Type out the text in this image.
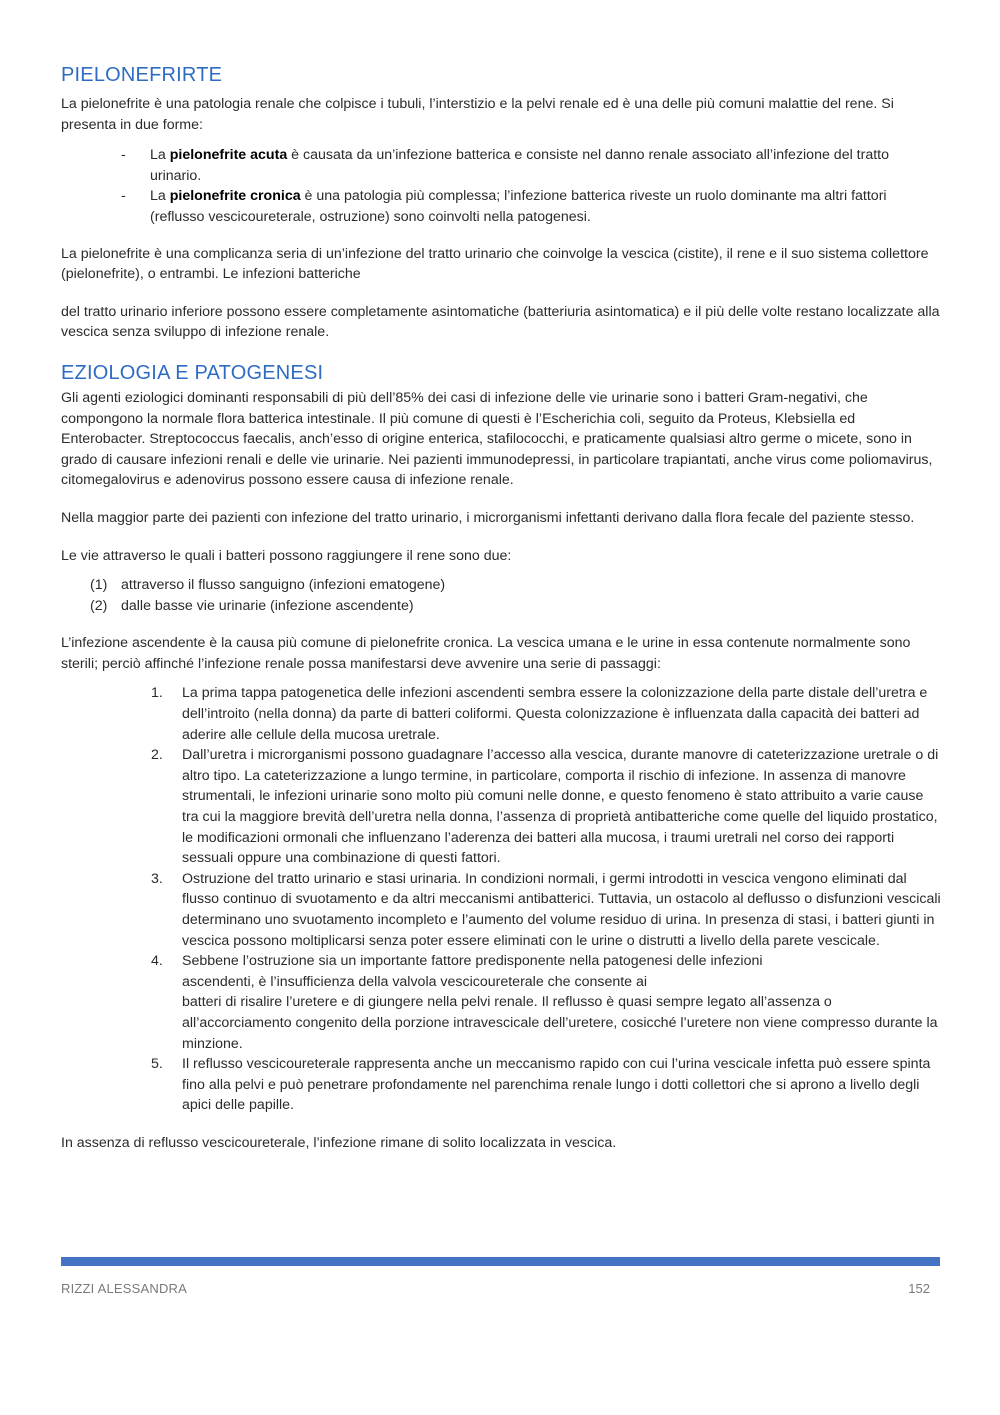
PIELONEFRIRTE

La pielonefrite è una patologia renale che colpisce i tubuli, l’interstizio e la pelvi renale ed è una delle più comuni malattie del rene. Si presenta in due forme:

- La pielonefrite acuta è causata da un’infezione batterica e consiste nel danno renale associato all’infezione del tratto urinario.
- La pielonefrite cronica è una patologia più complessa; l’infezione batterica riveste un ruolo dominante ma altri fattori (reflusso vescicoureterale, ostruzione) sono coinvolti nella patogenesi.

La pielonefrite è una complicanza seria di un’infezione del tratto urinario che coinvolge la vescica (cistite), il rene e il suo sistema collettore (pielonefrite), o entrambi. Le infezioni batteriche

del tratto urinario inferiore possono essere completamente asintomatiche (batteriuria asintomatica) e il più delle volte restano localizzate alla vescica senza sviluppo di infezione renale.

EZIOLOGIA E PATOGENESI

Gli agenti eziologici dominanti responsabili di più dell’85% dei casi di infezione delle vie urinarie sono i batteri Gram-negativi, che compongono la normale flora batterica intestinale. Il più comune di questi è l’Escherichia coli, seguito da Proteus, Klebsiella ed Enterobacter. Streptococcus faecalis, anch’esso di origine enterica, stafilococchi, e praticamente qualsiasi altro germe o micete, sono in grado di causare infezioni renali e delle vie urinarie. Nei pazienti immunodepressi, in particolare trapiantati, anche virus come poliomavirus, citomegalovirus e adenovirus possono essere causa di infezione renale.

Nella maggior parte dei pazienti con infezione del tratto urinario, i microrganismi infettanti derivano dalla flora fecale del paziente stesso.

Le vie attraverso le quali i batteri possono raggiungere il rene sono due:

(1) attraverso il flusso sanguigno (infezioni ematogene)
(2) dalle basse vie urinarie (infezione ascendente)

L’infezione ascendente è la causa più comune di pielonefrite cronica. La vescica umana e le urine in essa contenute normalmente sono sterili; perciò affinché l’infezione renale possa manifestarsi deve avvenire una serie di passaggi:

1. La prima tappa patogenetica delle infezioni ascendenti sembra essere la colonizzazione della parte distale dell’uretra e dell’introito (nella donna) da parte di batteri coliformi. Questa colonizzazione è influenzata dalla capacità dei batteri ad aderire alle cellule della mucosa uretrale.
2. Dall’uretra i microrganismi possono guadagnare l’accesso alla vescica, durante manovre di cateterizzazione uretrale o di altro tipo. La cateterizzazione a lungo termine, in particolare, comporta il rischio di infezione. In assenza di manovre strumentali, le infezioni urinarie sono molto più comuni nelle donne, e questo fenomeno è stato attribuito a varie cause tra cui la maggiore brevità dell’uretra nella donna, l’assenza di proprietà antibatteriche come quelle del liquido prostatico, le modificazioni ormonali che influenzano l’aderenza dei batteri alla mucosa, i traumi uretrali nel corso dei rapporti sessuali oppure una combinazione di questi fattori.
3. Ostruzione del tratto urinario e stasi urinaria. In condizioni normali, i germi introdotti in vescica vengono eliminati dal flusso continuo di svuotamento e da altri meccanismi antibatterici. Tuttavia, un ostacolo al deflusso o disfunzioni vescicali determinano uno svuotamento incompleto e l’aumento del volume residuo di urina. In presenza di stasi, i batteri giunti in vescica possono moltiplicarsi senza poter essere eliminati con le urine o distrutti a livello della parete vescicale.
4. Sebbene l’ostruzione sia un importante fattore predisponente nella patogenesi delle infezioni ascendenti, è l’insufficienza della valvola vescicoureterale che consente ai
batteri di risalire l’uretere e di giungere nella pelvi renale. Il reflusso è quasi sempre legato all’assenza o all’accorciamento congenito della porzione intravescicale dell’uretere, cosicché l’uretere non viene compresso durante la minzione.
5. Il reflusso vescicoureterale rappresenta anche un meccanismo rapido con cui l’urina vescicale infetta può essere spinta fino alla pelvi e può penetrare profondamente nel parenchima renale lungo i dotti collettori che si aprono a livello degli apici delle papille.

In assenza di reflusso vescicoureterale, l’infezione rimane di solito localizzata in vescica.

RIZZI ALESSANDRA	152
